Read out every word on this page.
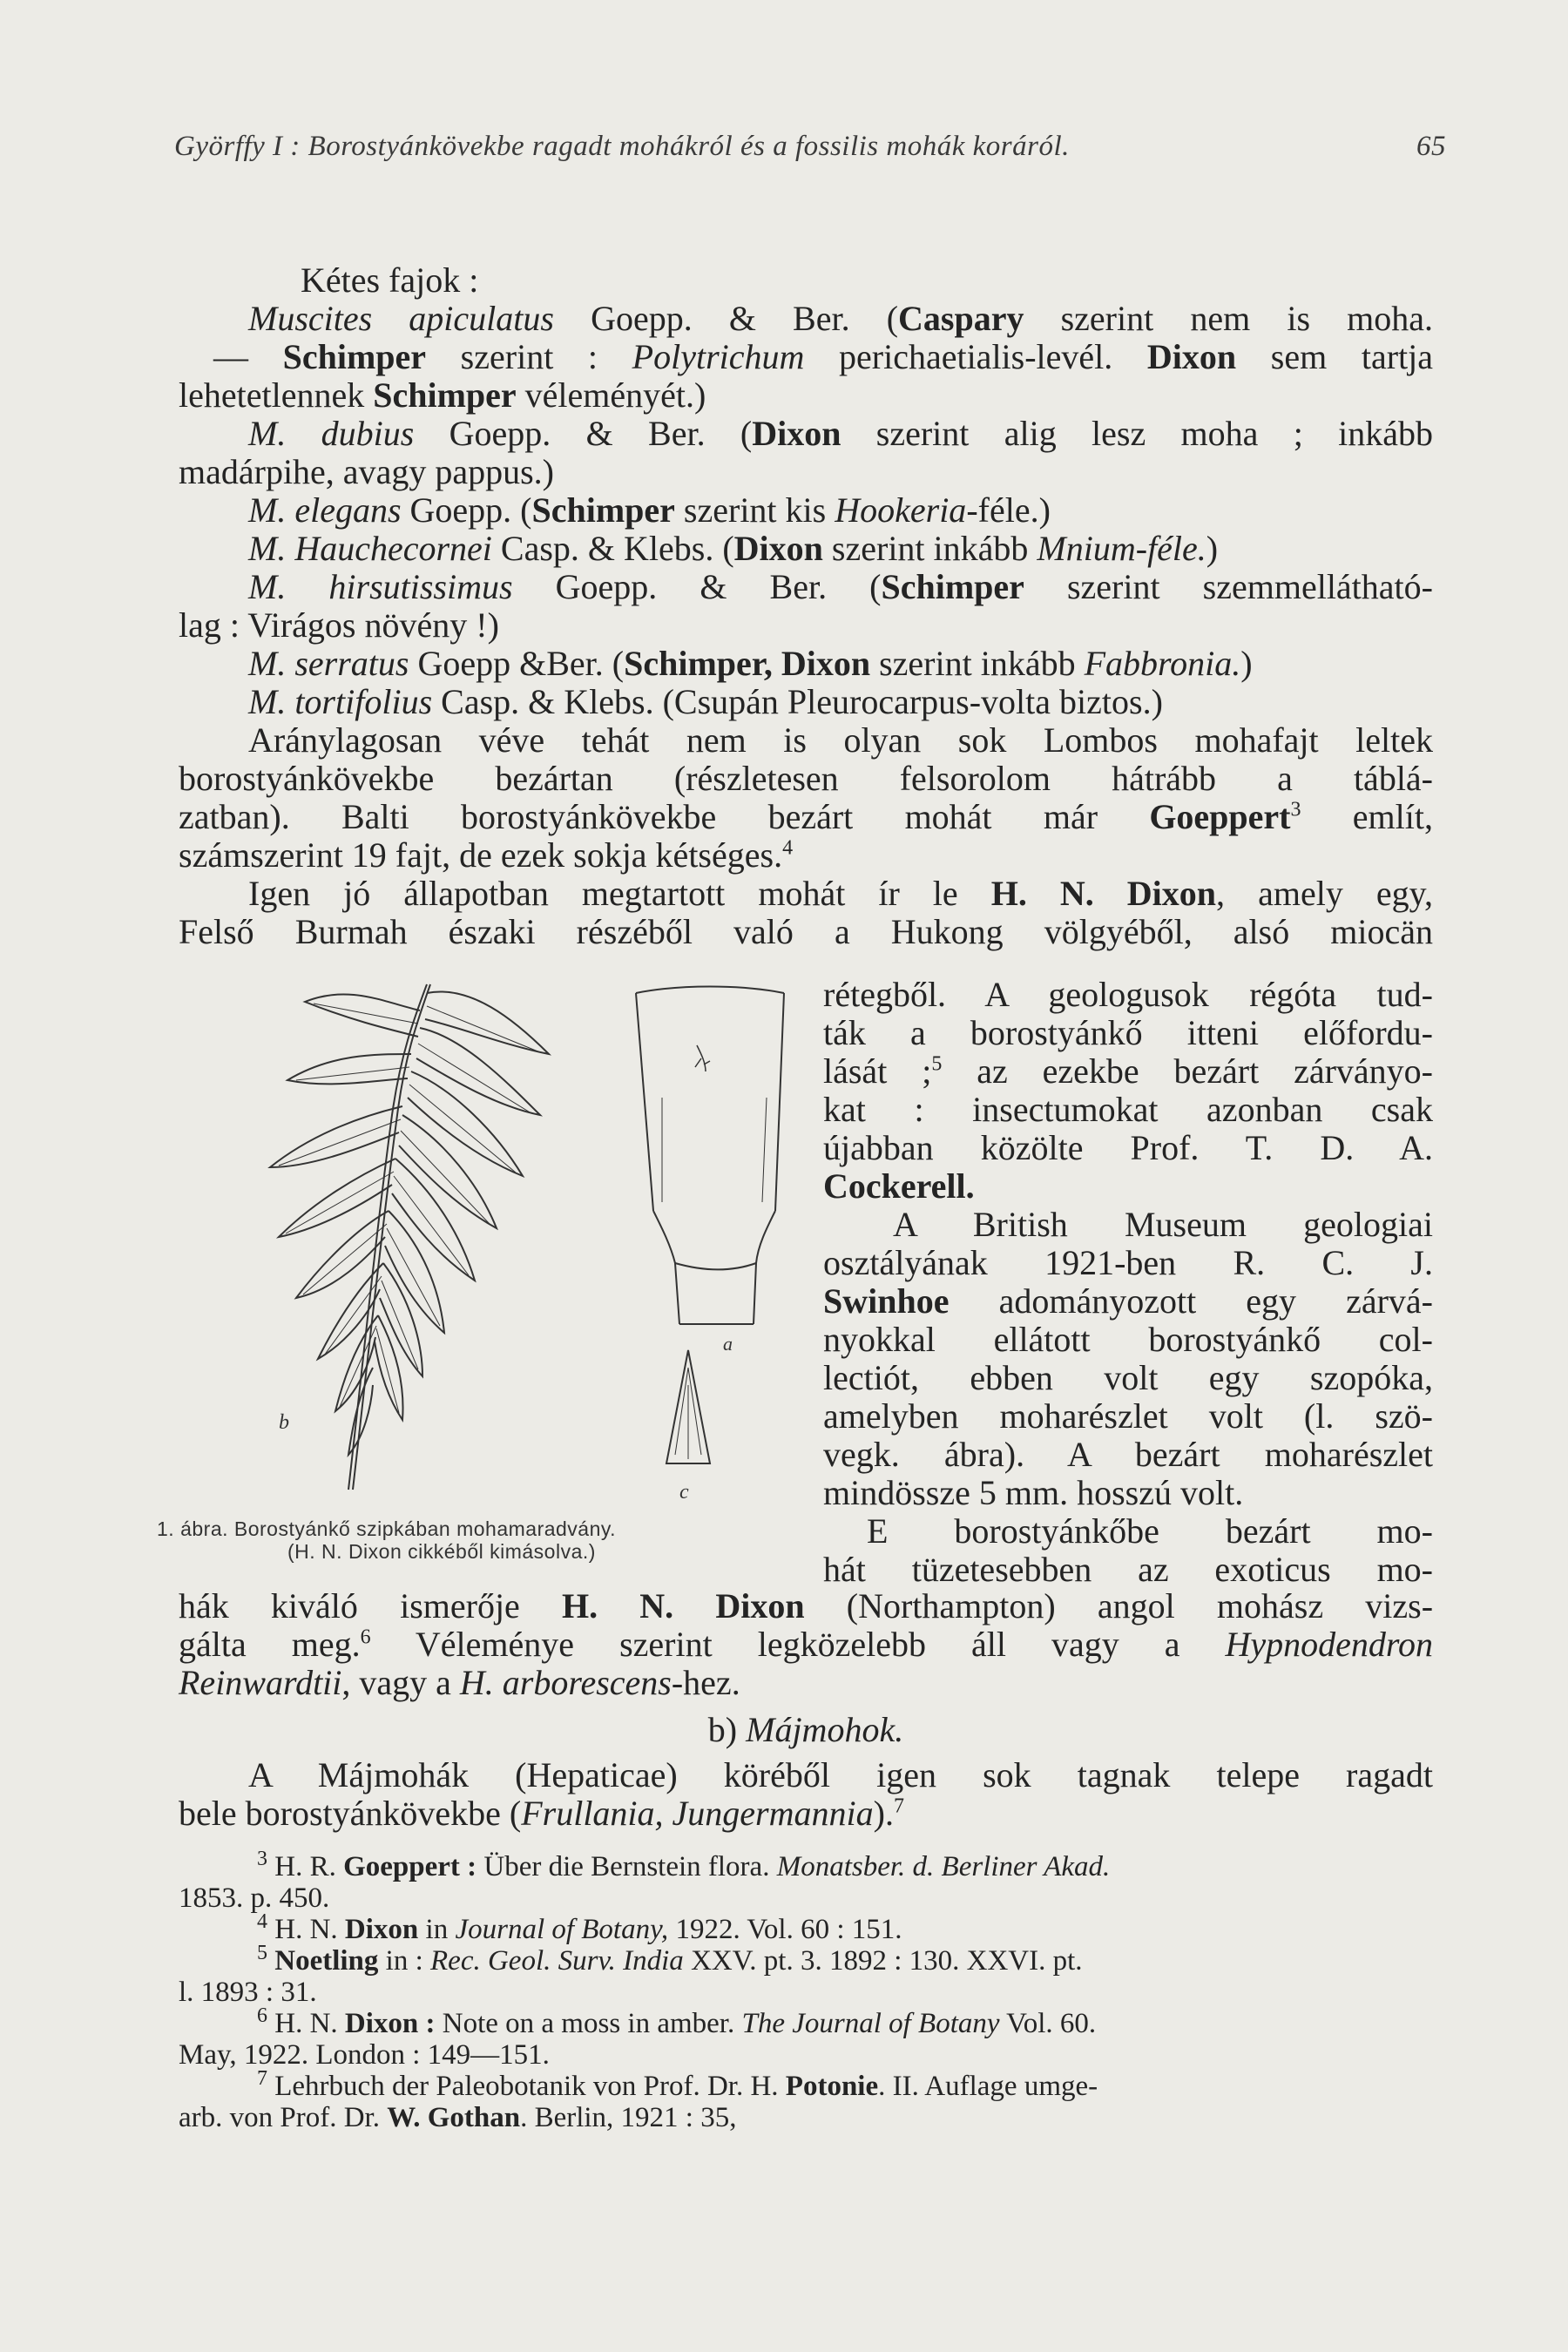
Györffy I : Borostyánkövekbe ragadt mohákról és a fossilis mohák koráról.	65
Kétes fajok :
Muscites apiculatus Goepp. & Ber. (Caspary szerint nem is moha.
— Schimper szerint : Polytrichum perichaetialis-levél. Dixon sem tartja
lehetetlennek Schimper véleményét.)
M. dubius Goepp. & Ber. (Dixon szerint alig lesz moha ; inkább
madárpihe, avagy pappus.)
M. elegans Goepp. (Schimper szerint kis Hookeria-féle.)
M. Hauchecornei Casp. & Klebs. (Dixon szerint inkább Mnium-féle.)
M. hirsutissimus Goepp. & Ber. (Schimper szerint szemmellátható-
lag : Virágos növény !)
M. serratus Goepp &Ber. (Schimper, Dixon szerint inkább Fabbronia.)
M. tortifolius Casp. & Klebs. (Csupán Pleurocarpus-volta biztos.)
Aránylagosan véve tehát nem is olyan sok Lombos mohafajt leltek
borostyánkövekbe bezártan (részletesen felsorolom hátrább a táblá-
zatban). Balti borostyánkövekbe bezárt mohát már Goeppert$^3$ említ,
számszerint 19 fajt, de ezek sokja kétséges.$^4$
Igen jó állapotban megtartott mohát ír le H. N. Dixon, amely egy,
Felső Burmah északi részéből való a Hukong völgyéből, alsó miocän
a
b
c
1. ábra. Borostyánkő szipkában mohamaradvány.
(H. N. Dixon cikkéből kimásolva.)
rétegből. A geologusok régóta tud-
ták a borostyánkő itteni előfordu-
lását ;$^5$ az ezekbe bezárt zárványo-
kat : insectumokat azonban csak
újabban közölte Prof. T. D. A.
Cockerell.
A British Museum geologiai
osztályának 1921-ben R. C. J.
Swinhoe adományozott egy zárvá-
nyokkal ellátott borostyánkő col-
lectiót, ebben volt egy szopóka,
amelyben moharészlet volt (l. szö-
vegk. ábra). A bezárt moharészlet
mindössze 5 mm. hosszú volt.
E borostyánkőbe bezárt mo-
hát tüzetesebben az exoticus mo-
hák kiváló ismerője H. N. Dixon (Northampton) angol mohász vizs-
gálta meg.$^6$ Véleménye szerint legközelebb áll vagy a Hypnodendron
Reinwardtii, vagy a H. arborescens-hez.
b) Májmohok.
A Májmohák (Hepaticae) köréből igen sok tagnak telepe ragadt
bele borostyánkövekbe (Frullania, Jungermannia).$^7$
$^3$ H. R. Goeppert : Über die Bernstein flora. Monatsber. d. Berliner Akad.
1853. p. 450.
$^4$ H. N. Dixon in Journal of Botany, 1922. Vol. 60 : 151.
$^5$ Noetling in : Rec. Geol. Surv. India XXV. pt. 3. 1892 : 130. XXVI. pt.
l. 1893 : 31.
$^6$ H. N. Dixon : Note on a moss in amber. The Journal of Botany Vol. 60.
May, 1922. London : 149—151.
$^7$ Lehrbuch der Paleobotanik von Prof. Dr. H. Potonie. II. Auflage umge-
arb. von Prof. Dr. W. Gothan. Berlin, 1921 : 35,
